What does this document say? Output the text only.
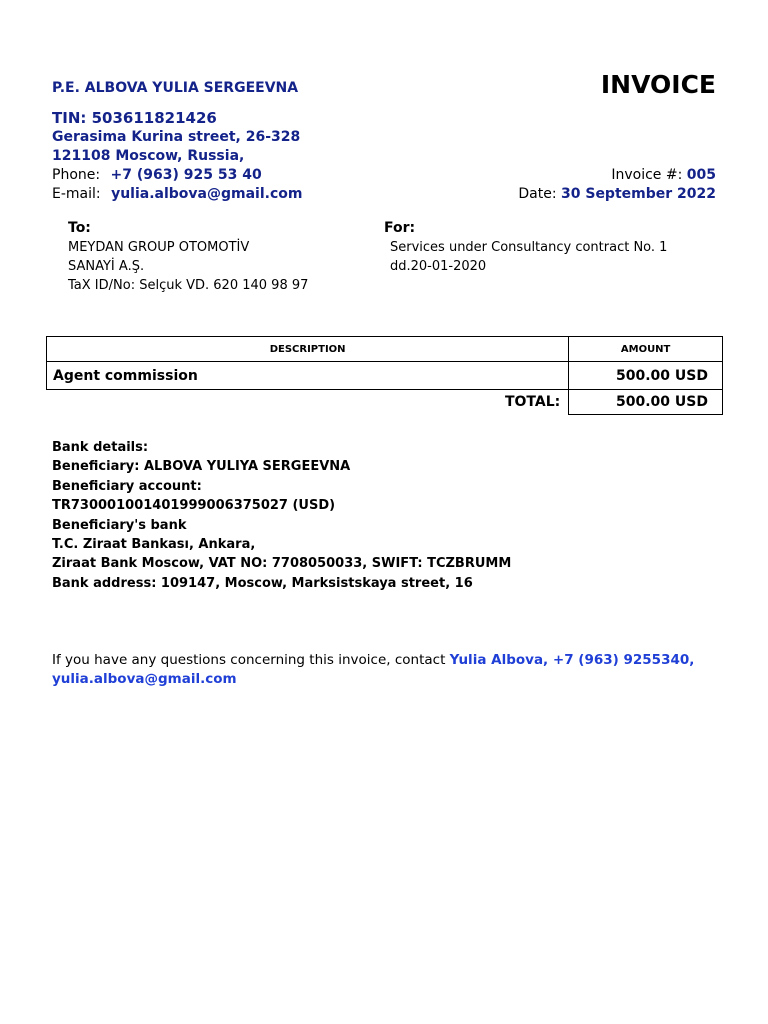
P.E. ALBOVA YULIA SERGEEVNA
TIN: 503611821426
Gerasima Kurina street, 26-328
121108 Moscow, Russia,
Phone: +7 (963) 925 53 40
E-mail: yulia.albova@gmail.com
INVOICE
Invoice #: 005
Date: 30 September 2022
To:
MEYDAN GROUP OTOMOTİV
SANAYİ A.Ş.
TaX ID/No: Selçuk VD. 620 140 98 97
For:
Services under Consultancy contract No. 1
dd.20-01-2020
DESCRIPTION	AMOUNT
Agent commission	500.00 USD
TOTAL:	500.00 USD
Bank details:
Beneficiary: ALBOVA YULIYA SERGEEVNA
Beneficiary account:
TR730001001401999006375027 (USD)
Beneficiary's bank
T.C. Ziraat Bankası, Ankara,
Ziraat Bank Moscow, VAT NO: 7708050033, SWIFT: TCZBRUMM
Bank address: 109147, Moscow, Marksistskaya street, 16
If you have any questions concerning this invoice, contact Yulia Albova, +7 (963) 9255340,
yulia.albova@gmail.com
